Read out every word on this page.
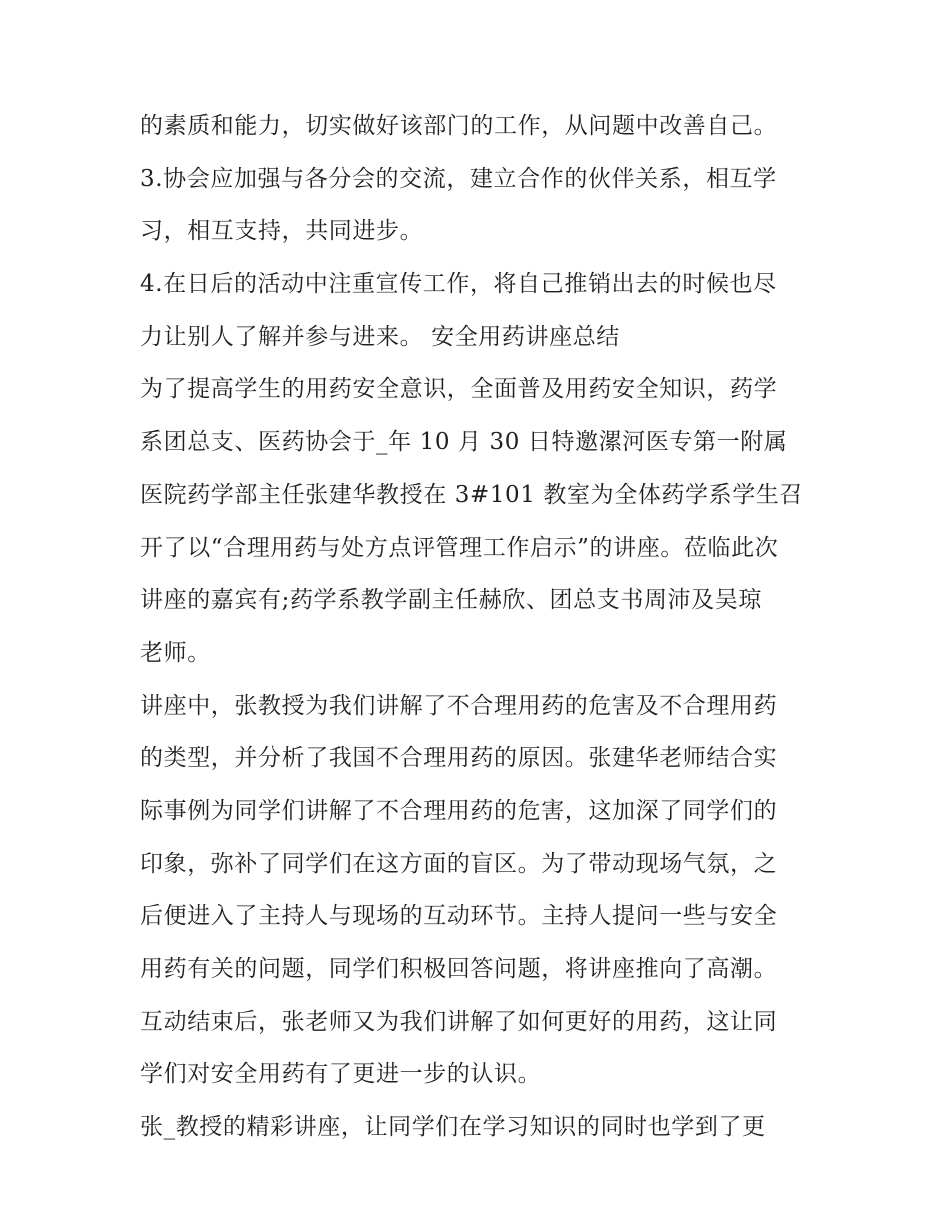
的素质和能力，切实做好该部门的工作，从问题中改善自己。
3.协会应加强与各分会的交流，建立合作的伙伴关系，相互学
习，相互支持，共同进步。
4.在日后的活动中注重宣传工作，将自己推销出去的时候也尽
力让别人了解并参与进来。 安全用药讲座总结
为了提高学生的用药安全意识，全面普及用药安全知识，药学
系团总支、医药协会于_年 10 月 30 日特邀漯河医专第一附属
医院药学部主任张建华教授在 3#101 教室为全体药学系学生召
开了以“合理用药与处方点评管理工作启示”的讲座。莅临此次
讲座的嘉宾有;药学系教学副主任赫欣、团总支书周沛及吴琼
老师。
讲座中，张教授为我们讲解了不合理用药的危害及不合理用药
的类型，并分析了我国不合理用药的原因。张建华老师结合实
际事例为同学们讲解了不合理用药的危害，这加深了同学们的
印象，弥补了同学们在这方面的盲区。为了带动现场气氛，之
后便进入了主持人与现场的互动环节。主持人提问一些与安全
用药有关的问题，同学们积极回答问题，将讲座推向了高潮。
互动结束后，张老师又为我们讲解了如何更好的用药，这让同
学们对安全用药有了更进一步的认识。
张_教授的精彩讲座，让同学们在学习知识的同时也学到了更
